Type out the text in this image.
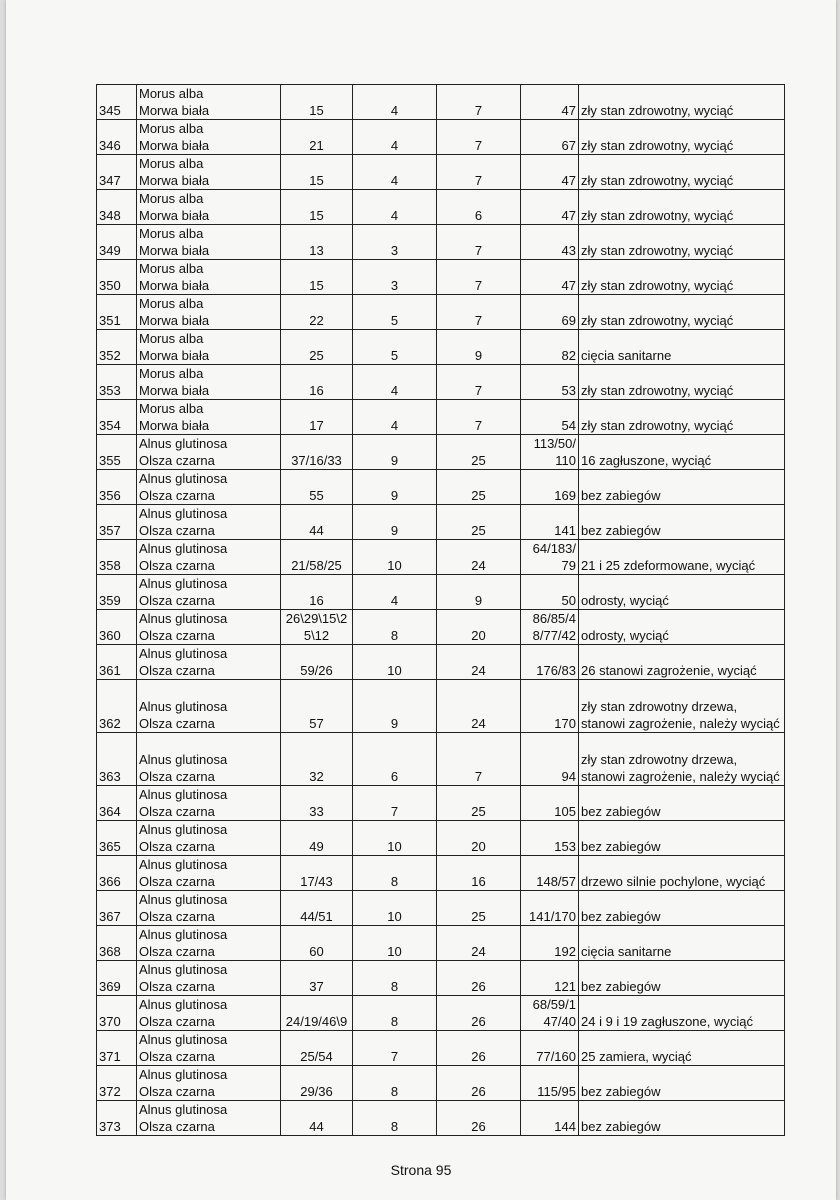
345	Morus alba
Morwa biała	15	4	7	47	zły stan zdrowotny, wyciąć

346	Morus alba
Morwa biała	21	4	7	67	zły stan zdrowotny, wyciąć

347	Morus alba
Morwa biała	15	4	7	47	zły stan zdrowotny, wyciąć

348	Morus alba
Morwa biała	15	4	6	47	zły stan zdrowotny, wyciąć

349	Morus alba
Morwa biała	13	3	7	43	zły stan zdrowotny, wyciąć

350	Morus alba
Morwa biała	15	3	7	47	zły stan zdrowotny, wyciąć

351	Morus alba
Morwa biała	22	5	7	69	zły stan zdrowotny, wyciąć

352	Morus alba
Morwa biała	25	5	9	82	cięcia sanitarne

353	Morus alba
Morwa biała	16	4	7	53	zły stan zdrowotny, wyciąć

354	Morus alba
Morwa biała	17	4	7	54	zły stan zdrowotny, wyciąć

355	Alnus glutinosa
Olsza czarna	37/16/33	9	25	113/50/
110	16 zagłuszone, wyciąć

356	Alnus glutinosa
Olsza czarna	55	9	25	169	bez zabiegów

357	Alnus glutinosa
Olsza czarna	44	9	25	141	bez zabiegów

358	Alnus glutinosa
Olsza czarna	21/58/25	10	24	64/183/
79	21 i 25 zdeformowane, wyciąć

359	Alnus glutinosa
Olsza czarna	16	4	9	50	odrosty, wyciąć

360	Alnus glutinosa
Olsza czarna	26\29\15\2
5\12	8	20	86/85/4
8/77/42	odrosty, wyciąć

361	Alnus glutinosa
Olsza czarna	59/26	10	24	176/83	26 stanowi zagrożenie, wyciąć

362	Alnus glutinosa
Olsza czarna	57	9	24	170	zły stan zdrowotny drzewa, stanowi zagrożenie, należy wyciąć

363	Alnus glutinosa
Olsza czarna	32	6	7	94	zły stan zdrowotny drzewa, stanowi zagrożenie, należy wyciąć

364	Alnus glutinosa
Olsza czarna	33	7	25	105	bez zabiegów

365	Alnus glutinosa
Olsza czarna	49	10	20	153	bez zabiegów

366	Alnus glutinosa
Olsza czarna	17/43	8	16	148/57	drzewo silnie pochylone, wyciąć

367	Alnus glutinosa
Olsza czarna	44/51	10	25	141/170	bez zabiegów

368	Alnus glutinosa
Olsza czarna	60	10	24	192	cięcia sanitarne

369	Alnus glutinosa
Olsza czarna	37	8	26	121	bez zabiegów

370	Alnus glutinosa
Olsza czarna	24/19/46\9	8	26	68/59/1
47/40	24 i 9 i 19 zagłuszone, wyciąć

371	Alnus glutinosa
Olsza czarna	25/54	7	26	77/160	25 zamiera, wyciąć

372	Alnus glutinosa
Olsza czarna	29/36	8	26	115/95	bez zabiegów

373	Alnus glutinosa
Olsza czarna	44	8	26	144	bez zabiegów
Strona 95
